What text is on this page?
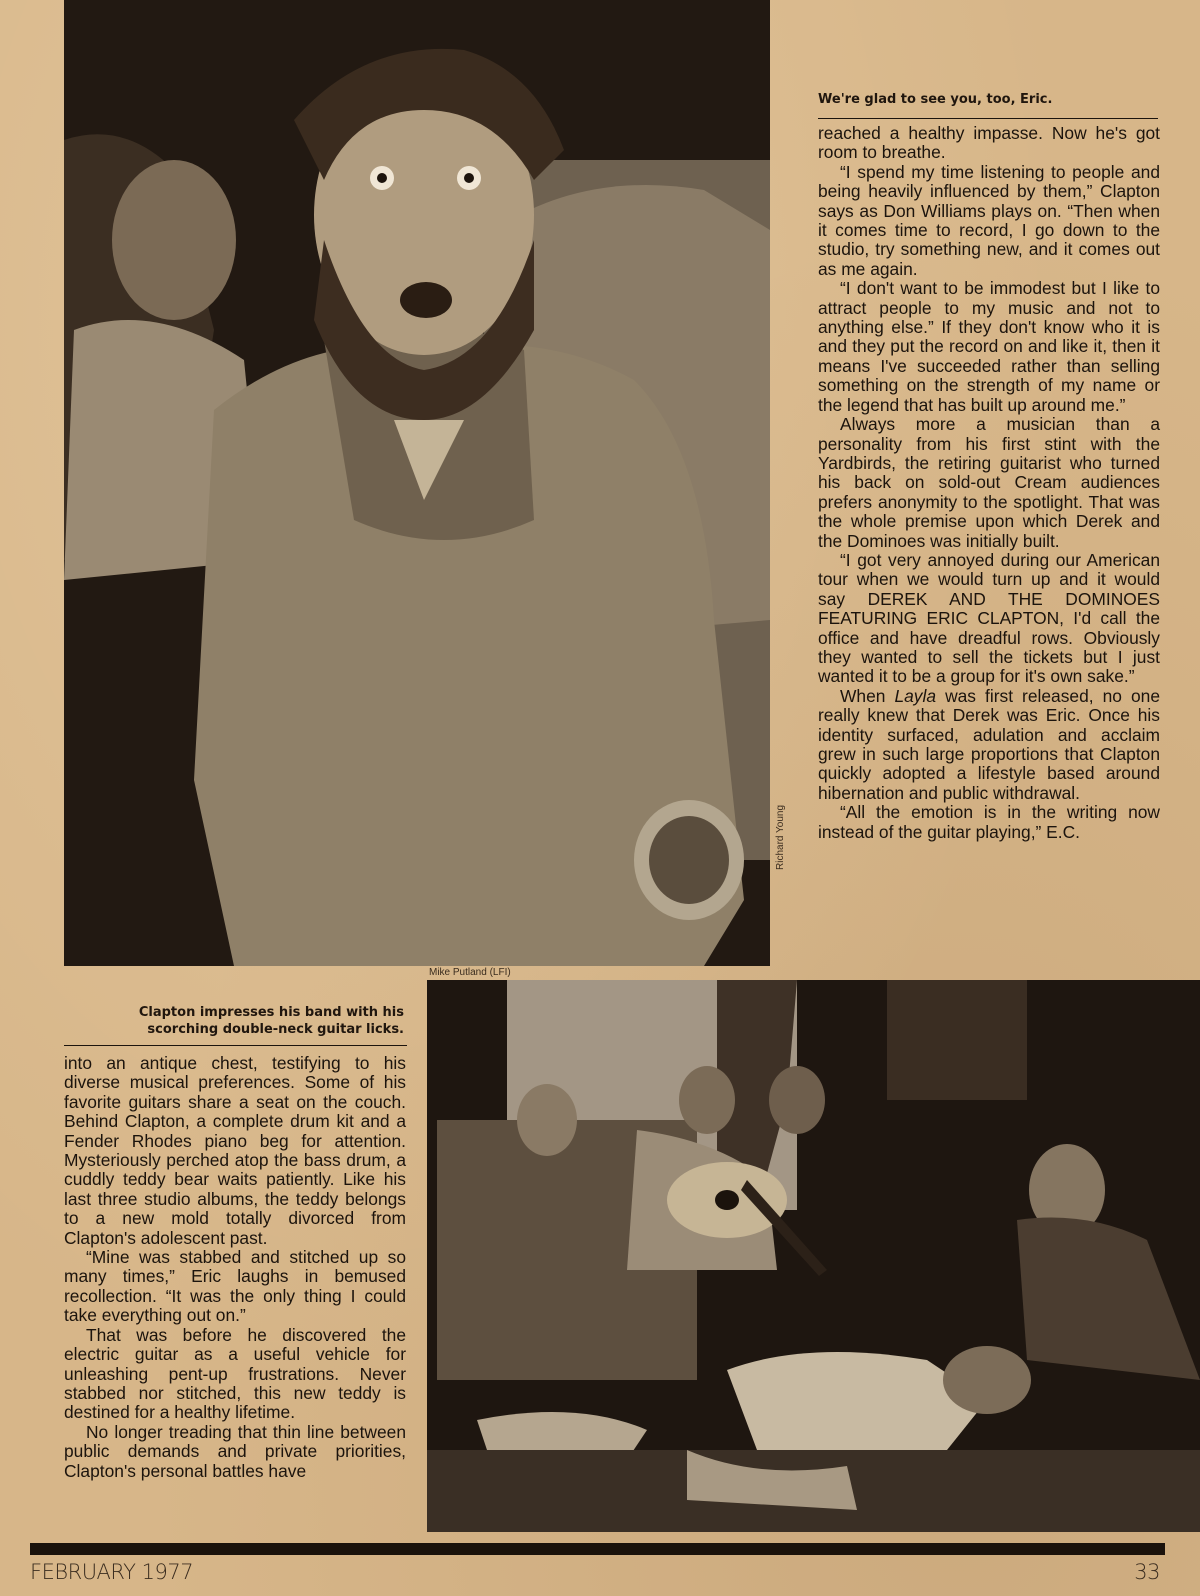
Richard Young
We're glad to see you, too, Eric.

reached a healthy impasse. Now he's got room to breathe.

“I spend my time listening to people and being heavily influenced by them,” Clapton says as Don Williams plays on. “Then when it comes time to record, I go down to the studio, try something new, and it comes out as me again.

“I don't want to be immodest but I like to attract people to my music and not to anything else.” If they don't know who it is and they put the record on and like it, then it means I've succeeded rather than selling something on the strength of my name or the legend that has built up around me.”

Always more a musician than a personality from his first stint with the Yardbirds, the retiring guitarist who turned his back on sold-out Cream audiences prefers anonymity to the spotlight. That was the whole premise upon which Derek and the Dominoes was initially built.

“I got very annoyed during our American tour when we would turn up and it would say DEREK AND THE DOMINOES FEATURING ERIC CLAPTON, I'd call the office and have dreadful rows. Obviously they wanted to sell the tickets but I just wanted it to be a group for it's own sake.”

When Layla was first released, no one really knew that Derek was Eric. Once his identity surfaced, adulation and acclaim grew in such large proportions that Clapton quickly adopted a lifestyle based around hibernation and public withdrawal.

“All the emotion is in the writing now instead of the guitar playing,” E.C.

Clapton impresses his band with his scorching double-neck guitar licks.

into an antique chest, testifying to his diverse musical preferences. Some of his favorite guitars share a seat on the couch. Behind Clapton, a complete drum kit and a Fender Rhodes piano beg for attention. Mysteriously perched atop the bass drum, a cuddly teddy bear waits patiently. Like his last three studio albums, the teddy belongs to a new mold totally divorced from Clapton's adolescent past.

“Mine was stabbed and stitched up so many times,” Eric laughs in bemused recollection. “It was the only thing I could take everything out on.”

That was before he discovered the electric guitar as a useful vehicle for unleashing pent-up frustrations. Never stabbed nor stitched, this new teddy is destined for a healthy lifetime.

No longer treading that thin line between public demands and private priorities, Clapton's personal battles have

Mike Putland (LFI)
FEBRUARY 1977	33
